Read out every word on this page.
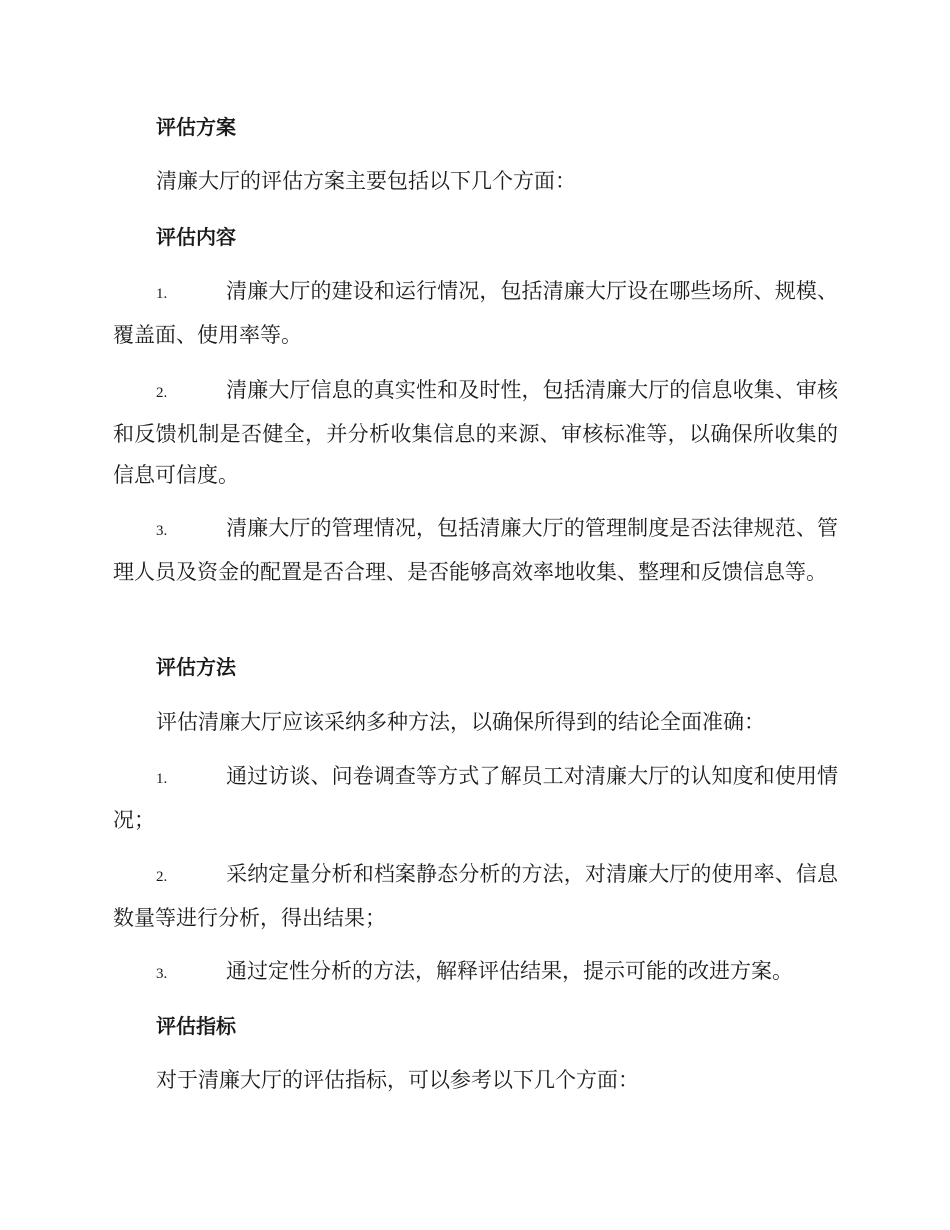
评估方案

清廉大厅的评估方案主要包括以下几个方面：

评估内容

1.	清廉大厅的建设和运行情况，包括清廉大厅设在哪些场所、规模、覆盖面、使用率等。

2.	清廉大厅信息的真实性和及时性，包括清廉大厅的信息收集、审核和反馈机制是否健全，并分析收集信息的来源、审核标准等，以确保所收集的信息可信度。

3.	清廉大厅的管理情况，包括清廉大厅的管理制度是否法律规范、管理人员及资金的配置是否合理、是否能够高效率地收集、整理和反馈信息等。

评估方法

评估清廉大厅应该采纳多种方法，以确保所得到的结论全面准确：

1.	通过访谈、问卷调查等方式了解员工对清廉大厅的认知度和使用情况；

2.	采纳定量分析和档案静态分析的方法，对清廉大厅的使用率、信息数量等进行分析，得出结果；

3.	通过定性分析的方法，解释评估结果，提示可能的改进方案。

评估指标

对于清廉大厅的评估指标，可以参考以下几个方面：
